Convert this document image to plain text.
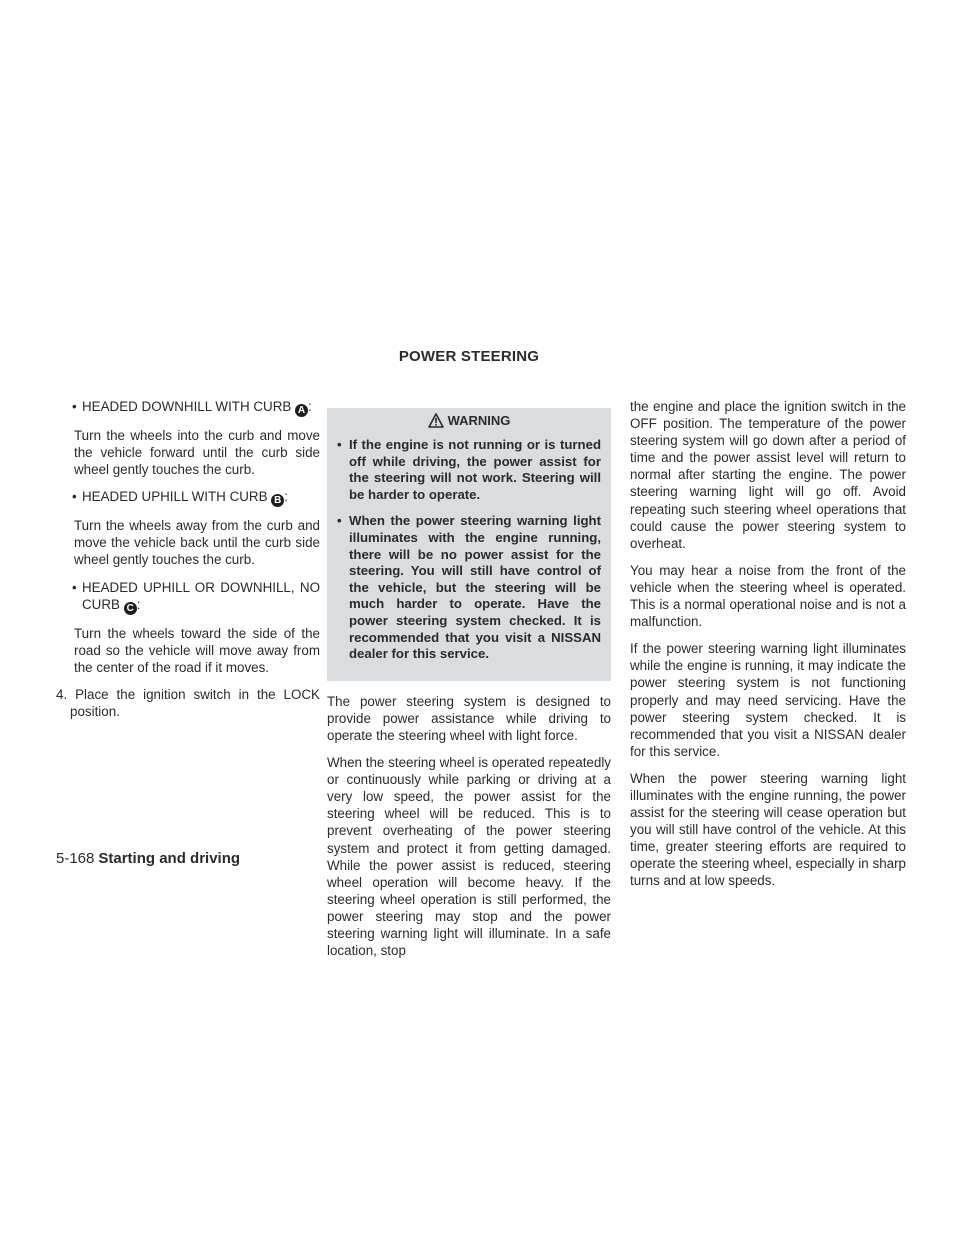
POWER STEERING

• HEADED DOWNHILL WITH CURB A :

Turn the wheels into the curb and move the vehicle forward until the curb side wheel gently touches the curb.

• HEADED UPHILL WITH CURB B :

Turn the wheels away from the curb and move the vehicle back until the curb side wheel gently touches the curb.

• HEADED UPHILL OR DOWNHILL, NO CURB C :

Turn the wheels toward the side of the road so the vehicle will move away from the center of the road if it moves.

4. Place the ignition switch in the LOCK position.

WARNING

• If the engine is not running or is turned off while driving, the power assist for the steering will not work. Steering will be harder to operate.

• When the power steering warning light illuminates with the engine running, there will be no power assist for the steering. You will still have control of the vehicle, but the steering will be much harder to operate. Have the power steering system checked. It is recommended that you visit a NISSAN dealer for this service.

The power steering system is designed to provide power assistance while driving to operate the steering wheel with light force.

When the steering wheel is operated repeatedly or continuously while parking or driving at a very low speed, the power assist for the steering wheel will be reduced. This is to prevent overheating of the power steering system and protect it from getting damaged. While the power assist is reduced, steering wheel operation will become heavy. If the steering wheel operation is still performed, the power steering may stop and the power steering warning light will illuminate. In a safe location, stop

the engine and place the ignition switch in the OFF position. The temperature of the power steering system will go down after a period of time and the power assist level will return to normal after starting the engine. The power steering warning light will go off. Avoid repeating such steering wheel operations that could cause the power steering system to overheat.

You may hear a noise from the front of the vehicle when the steering wheel is operated. This is a normal operational noise and is not a malfunction.

If the power steering warning light illuminates while the engine is running, it may indicate the power steering system is not functioning properly and may need servicing. Have the power steering system checked. It is recommended that you visit a NISSAN dealer for this service.

When the power steering warning light illuminates with the engine running, the power assist for the steering will cease operation but you will still have control of the vehicle. At this time, greater steering efforts are required to operate the steering wheel, especially in sharp turns and at low speeds.

5-168 Starting and driving
